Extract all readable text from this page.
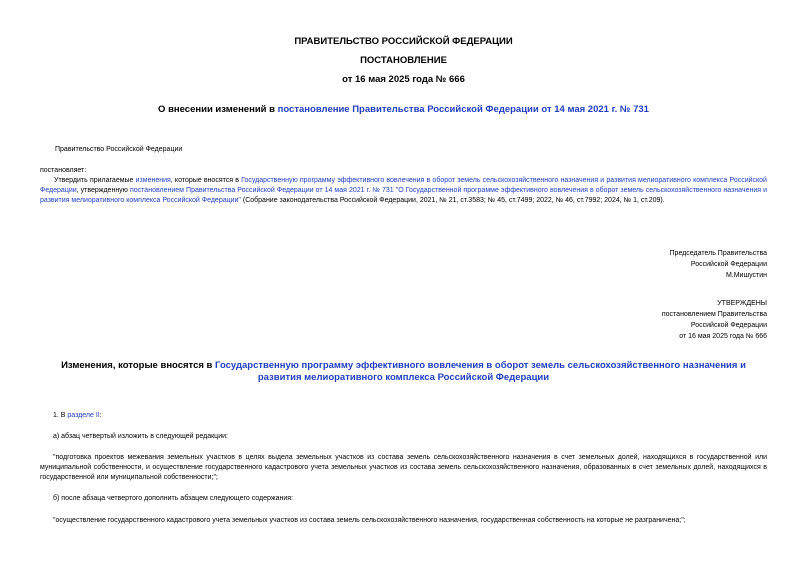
ПРАВИТЕЛЬСТВО РОССИЙСКОЙ ФЕДЕРАЦИИ
ПОСТАНОВЛЕНИЕ
от 16 мая 2025 года № 666
О внесении изменений в постановление Правительства Российской Федерации от 14 мая 2021 г. № 731
Правительство Российской Федерации
постановляет:
Утвердить прилагаемые изменения, которые вносятся в Государственную программу эффективного вовлечения в оборот земель сельскохозяйственного назначения и развития мелиоративного комплекса Российской Федерации, утвержденную постановлением Правительства Российской Федерации от 14 мая 2021 г. № 731 "О Государственной программе эффективного вовлечения в оборот земель сельскохозяйственного назначения и развития мелиоративного комплекса Российской Федерации" (Собрание законодательства Российской Федерации, 2021, № 21, ст.3583; № 45, ст.7499; 2022, № 46, ст.7992; 2024, № 1, ст.209).
Председатель Правительства
Российской Федерации
М.Мишустин
УТВЕРЖДЕНЫ
постановлением Правительства
Российской Федерации
от 16 мая 2025 года № 666
Изменения, которые вносятся в Государственную программу эффективного вовлечения в оборот земель сельскохозяйственного назначения и развития мелиоративного комплекса Российской Федерации
1. В разделе II:
а) абзац четвертый изложить в следующей редакции:
"подготовка проектов межевания земельных участков в целях выдела земельных участков из состава земель сельскохозяйственного назначения в счет земельных долей, находящихся в государственной или муниципальной собственности, и осуществление государственного кадастрового учета земельных участков из состава земель сельскохозяйственного назначения, образованных в счет земельных долей, находящихся в государственной или муниципальной собственности;";
б) после абзаца четвертого дополнить абзацем следующего содержания:
"осуществление государственного кадастрового учета земельных участков из состава земель сельскохозяйственного назначения, государственная собственность на которые не разграничена;";
